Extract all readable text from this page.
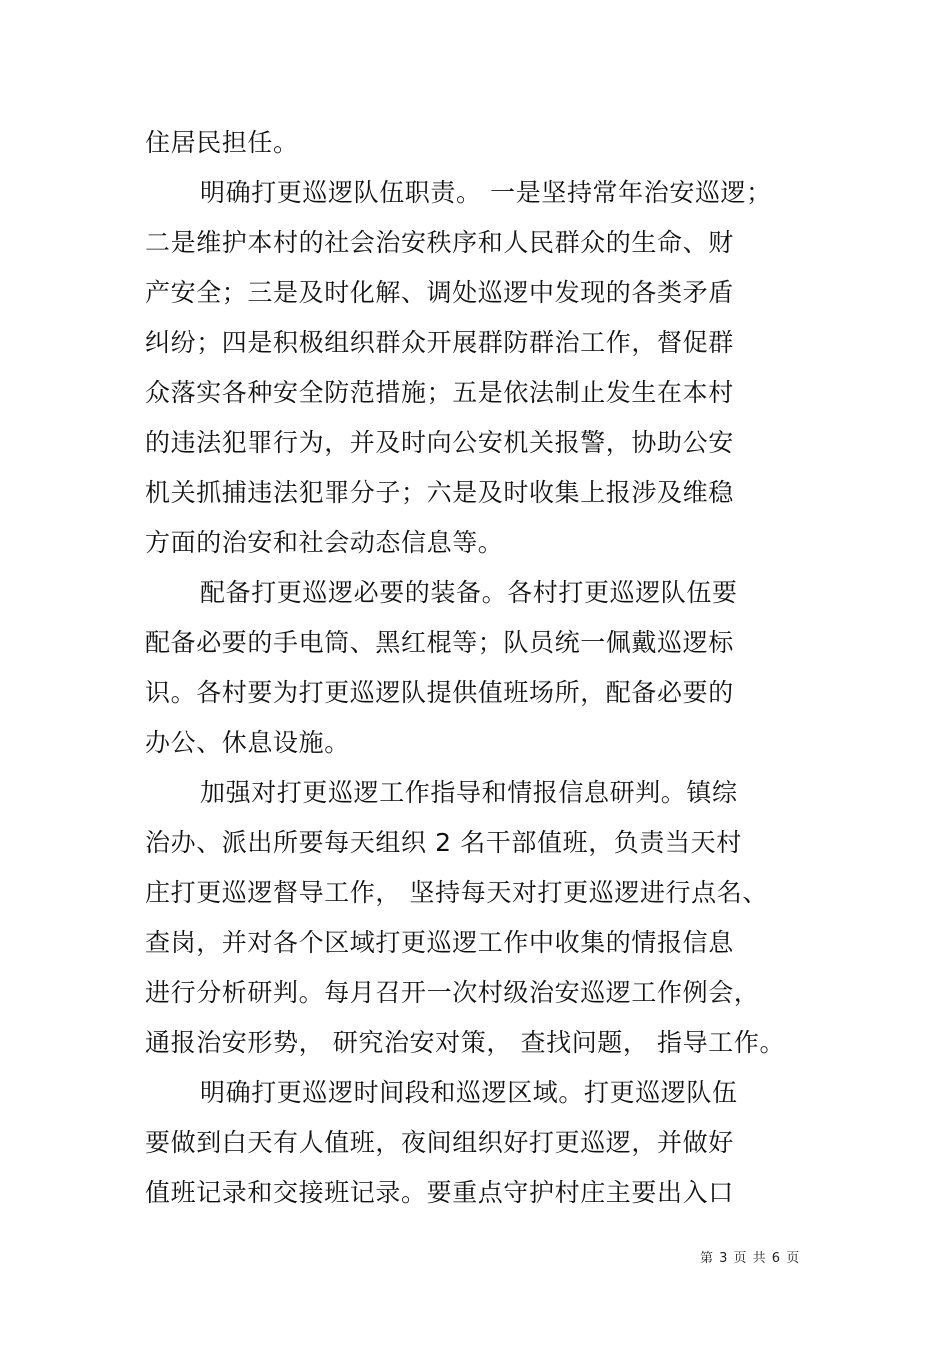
住居民担任。
明确打更巡逻队伍职责。 一是坚持常年治安巡逻；
二是维护本村的社会治安秩序和人民群众的生命、财
产安全；三是及时化解、调处巡逻中发现的各类矛盾
纠纷；四是积极组织群众开展群防群治工作，督促群
众落实各种安全防范措施；五是依法制止发生在本村
的违法犯罪行为，并及时向公安机关报警，协助公安
机关抓捕违法犯罪分子；六是及时收集上报涉及维稳
方面的治安和社会动态信息等。
配备打更巡逻必要的装备。各村打更巡逻队伍要
配备必要的手电筒、黑红棍等；队员统一佩戴巡逻标
识。各村要为打更巡逻队提供值班场所，配备必要的
办公、休息设施。
加强对打更巡逻工作指导和情报信息研判。镇综
治办、派出所要每天组织 2 名干部值班，负责当天村
庄打更巡逻督导工作， 坚持每天对打更巡逻进行点名、
查岗，并对各个区域打更巡逻工作中收集的情报信息
进行分析研判。每月召开一次村级治安巡逻工作例会，
通报治安形势， 研究治安对策， 查找问题， 指导工作。
明确打更巡逻时间段和巡逻区域。打更巡逻队伍
要做到白天有人值班，夜间组织好打更巡逻，并做好
值班记录和交接班记录。要重点守护村庄主要出入口
第 3 页 共 6 页
